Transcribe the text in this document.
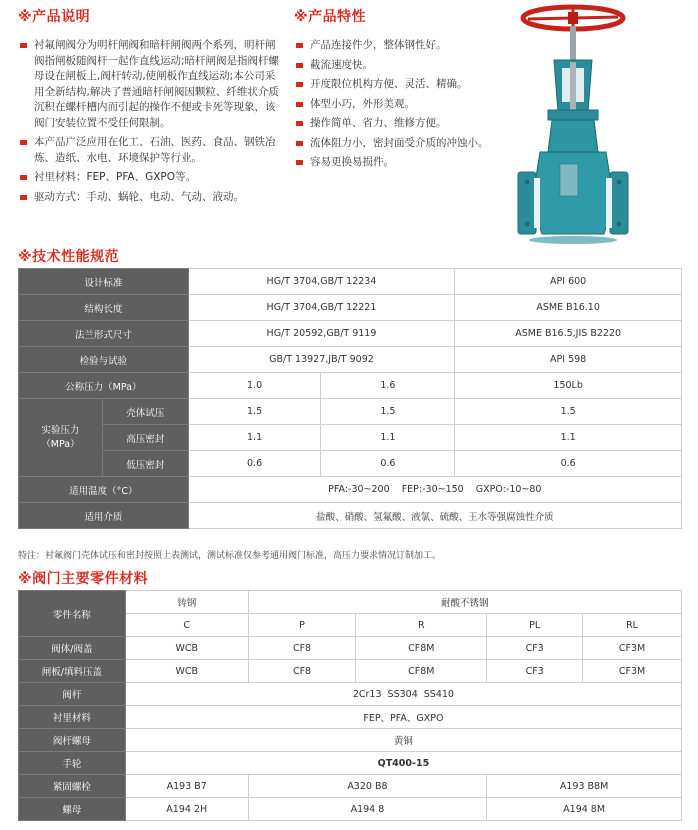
※产品说明
衬氟闸阀分为明杆闸阀和暗杆闸阀两个系列，明杆闸阀指闸板随阀杆一起作直线运动;暗杆闸阀是指阀杆螺母设在闸板上,阀杆转动,使闸板作直线运动;本公司采用全新结构,解决了普通暗杆闸阀因颗粒、纤维状介质沉积在螺杆槽内而引起的操作不便或卡死等现象，该阀门安装位置不受任何限制。
本产品广泛应用在化工、石油、医药、食品、钢铁冶炼、造纸、水电、环境保护等行业。
衬里材料：FEP、PFA、GXPO等。
驱动方式：手动、蜗轮、电动、气动、液动。
※产品特性
产品连接件少，整体钢性好。
截流速度快。
开度限位机构方便、灵活、精确。
体型小巧，外形美观。
操作简单、省力、维修方便。
流体阻力小，密封面受介质的冲蚀小。
容易更换易损件。
※技术性能规范
设计标准		HG/T 3704,GB/T 12234		API 600
结构长度		HG/T 3704,GB/T 12221		ASME B16.10
法兰形式尺寸		HG/T 20592,GB/T 9119		ASME B16.5,JIS B2220
检验与试验		GB/T 13927,JB/T 9092		API 598
公称压力（MPa）		1.0	1.6	150Lb
实验压力
（MPa）	壳体试压	1.5	1.5	1.5
	高压密封	1.1	1.1	1.1
	低压密封	0.6	0.6	0.6
适用温度（°C）		PFA:-30~200    FEP:-30~150    GXPO:-10~80		
适用介质		盐酸、硝酸、氢氟酸、液氯、硫酸、王水等强腐蚀性介质		
特注：衬氟阀门壳体试压和密封按照上表测试，测试标准仅参考通用阀门标准，高压力要求情况订制加工。
※阀门主要零件材料
零件名称	铸钢	耐酸不锈钢			
	C	P	R	PL	RL
阀体/阀盖	WCB	CF8	CF8M	CF3	CF3M
闸板/填料压盖	WCB	CF8	CF8M	CF3	CF3M
阀杆	2Cr13  SS304  SS410				
衬里材料	FEP、PFA、GXPO				
阀杆螺母	黄铜				
手轮	QT400-15				
紧固螺栓	A193 B7	A320 B8		A193 B8M	
螺母	A194 2H	A194 8		A194 8M	
